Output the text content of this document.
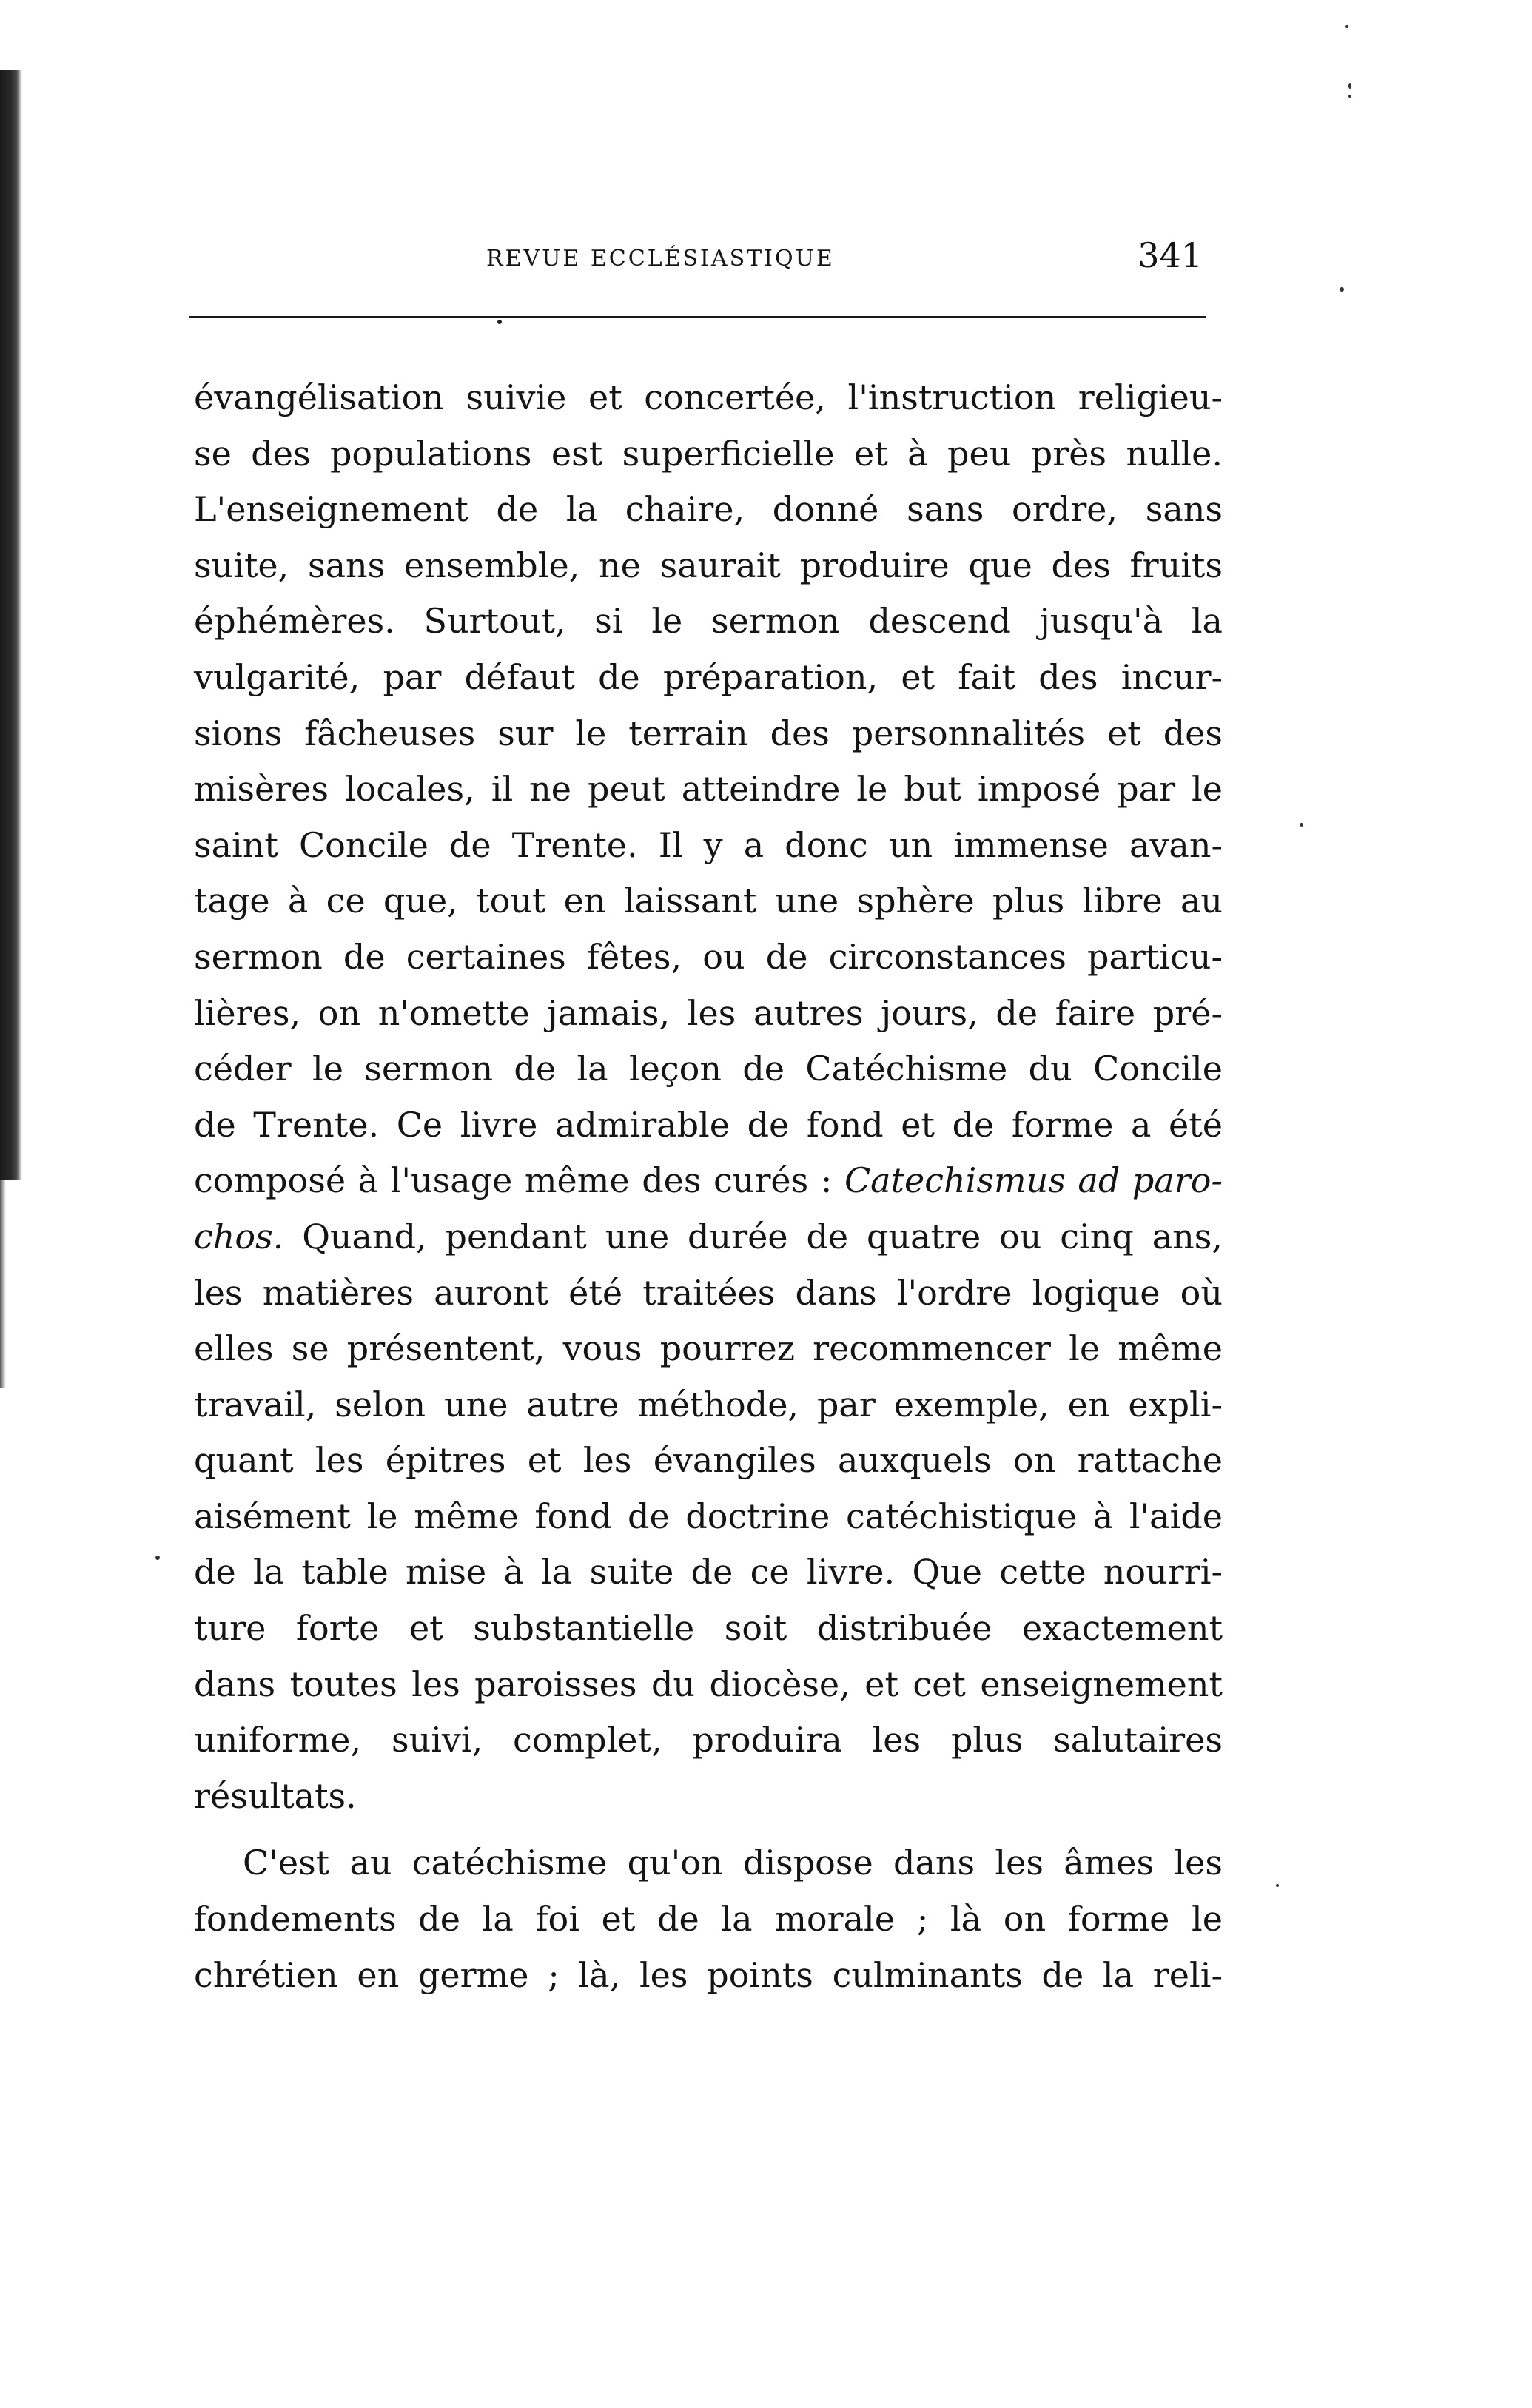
REVUE ECCLÉSIASTIQUE	341
évangélisation suivie et concertée, l'instruction religieu-
se des populations est superficielle et à peu près nulle.
L'enseignement de la chaire, donné sans ordre, sans
suite, sans ensemble, ne saurait produire que des fruits
éphémères. Surtout, si le sermon descend jusqu'à la
vulgarité, par défaut de préparation, et fait des incur-
sions fâcheuses sur le terrain des personnalités et des
misères locales, il ne peut atteindre le but imposé par le
saint Concile de Trente. Il y a donc un immense avan-
tage à ce que, tout en laissant une sphère plus libre au
sermon de certaines fêtes, ou de circonstances particu-
lières, on n'omette jamais, les autres jours, de faire pré-
céder le sermon de la leçon de Catéchisme du Concile
de Trente. Ce livre admirable de fond et de forme a été
composé à l'usage même des curés : Catechismus ad paro-
chos. Quand, pendant une durée de quatre ou cinq ans,
les matières auront été traitées dans l'ordre logique où
elles se présentent, vous pourrez recommencer le même
travail, selon une autre méthode, par exemple, en expli-
quant les épitres et les évangiles auxquels on rattache
aisément le même fond de doctrine catéchistique à l'aide
de la table mise à la suite de ce livre. Que cette nourri-
ture forte et substantielle soit distribuée exactement
dans toutes les paroisses du diocèse, et cet enseignement
uniforme, suivi, complet, produira les plus salutaires
résultats.
C'est au catéchisme qu'on dispose dans les âmes les
fondements de la foi et de la morale ; là on forme le
chrétien en germe ; là, les points culminants de la reli-
